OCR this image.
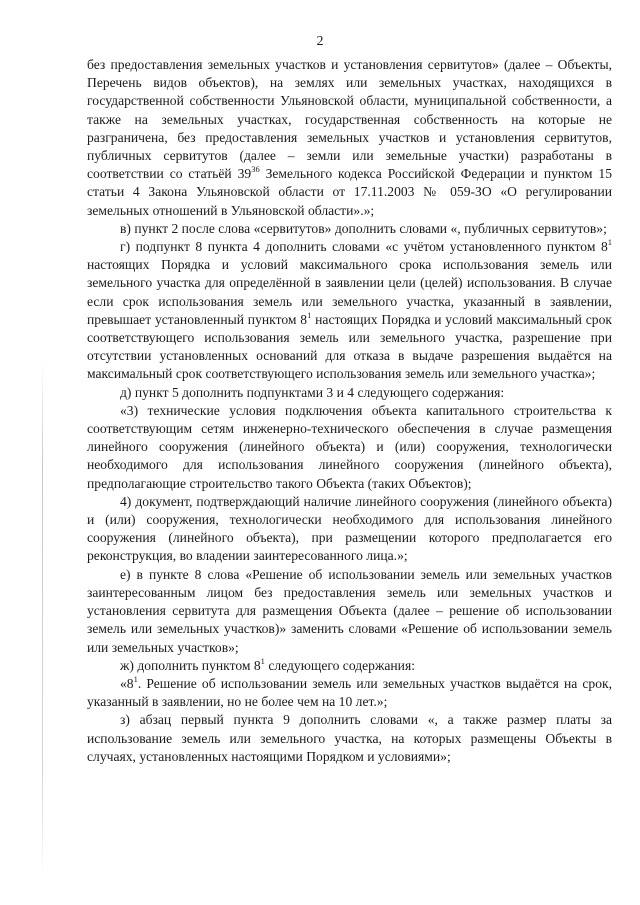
2

без предоставления земельных участков и установления сервитутов» (далее – Объекты, Перечень видов объектов), на землях или земельных участках, находящихся в государственной собственности Ульяновской области, муниципальной собственности, а также на земельных участках, государственная собственность на которые не разграничена, без предоставления земельных участков и установления сервитутов, публичных сервитутов (далее – земли или земельные участки) разработаны в соответствии со статьёй $39^{36}$ Земельного кодекса Российской Федерации и пунктом 15 статьи 4 Закона Ульяновской области от 17.11.2003 № 059-ЗО «О регулировании земельных отношений в Ульяновской области».»;

в) пункт 2 после слова «сервитутов» дополнить словами «, публичных сервитутов»;

г) подпункт 8 пункта 4 дополнить словами «с учётом установленного пунктом $8^1$ настоящих Порядка и условий максимального срока использования земель или земельного участка для определённой в заявлении цели (целей) использования. В случае если срок использования земель или земельного участка, указанный в заявлении, превышает установленный пунктом $8^1$ настоящих Порядка и условий максимальный срок соответствующего использования земель или земельного участка, разрешение при отсутствии установленных оснований для отказа в выдаче разрешения выдаётся на максимальный срок соответствующего использования земель или земельного участка»;

д) пункт 5 дополнить подпунктами 3 и 4 следующего содержания:

«3) технические условия подключения объекта капитального строительства к соответствующим сетям инженерно-технического обеспечения в случае размещения линейного сооружения (линейного объекта) и (или) сооружения, технологически необходимого для использования линейного сооружения (линейного объекта), предполагающие строительство такого Объекта (таких Объектов);

4) документ, подтверждающий наличие линейного сооружения (линейного объекта) и (или) сооружения, технологически необходимого для использования линейного сооружения (линейного объекта), при размещении которого предполагается его реконструкция, во владении заинтересованного лица.»;

е) в пункте 8 слова «Решение об использовании земель или земельных участков заинтересованным лицом без предоставления земель или земельных участков и установления сервитута для размещения Объекта (далее – решение об использовании земель или земельных участков)» заменить словами «Решение об использовании земель или земельных участков»;

ж) дополнить пунктом $8^1$ следующего содержания:

«$8^1$. Решение об использовании земель или земельных участков выдаётся на срок, указанный в заявлении, но не более чем на 10 лет.»;

з) абзац первый пункта 9 дополнить словами «, а также размер платы за использование земель или земельного участка, на которых размещены Объекты в случаях, установленных настоящими Порядком и условиями»;
